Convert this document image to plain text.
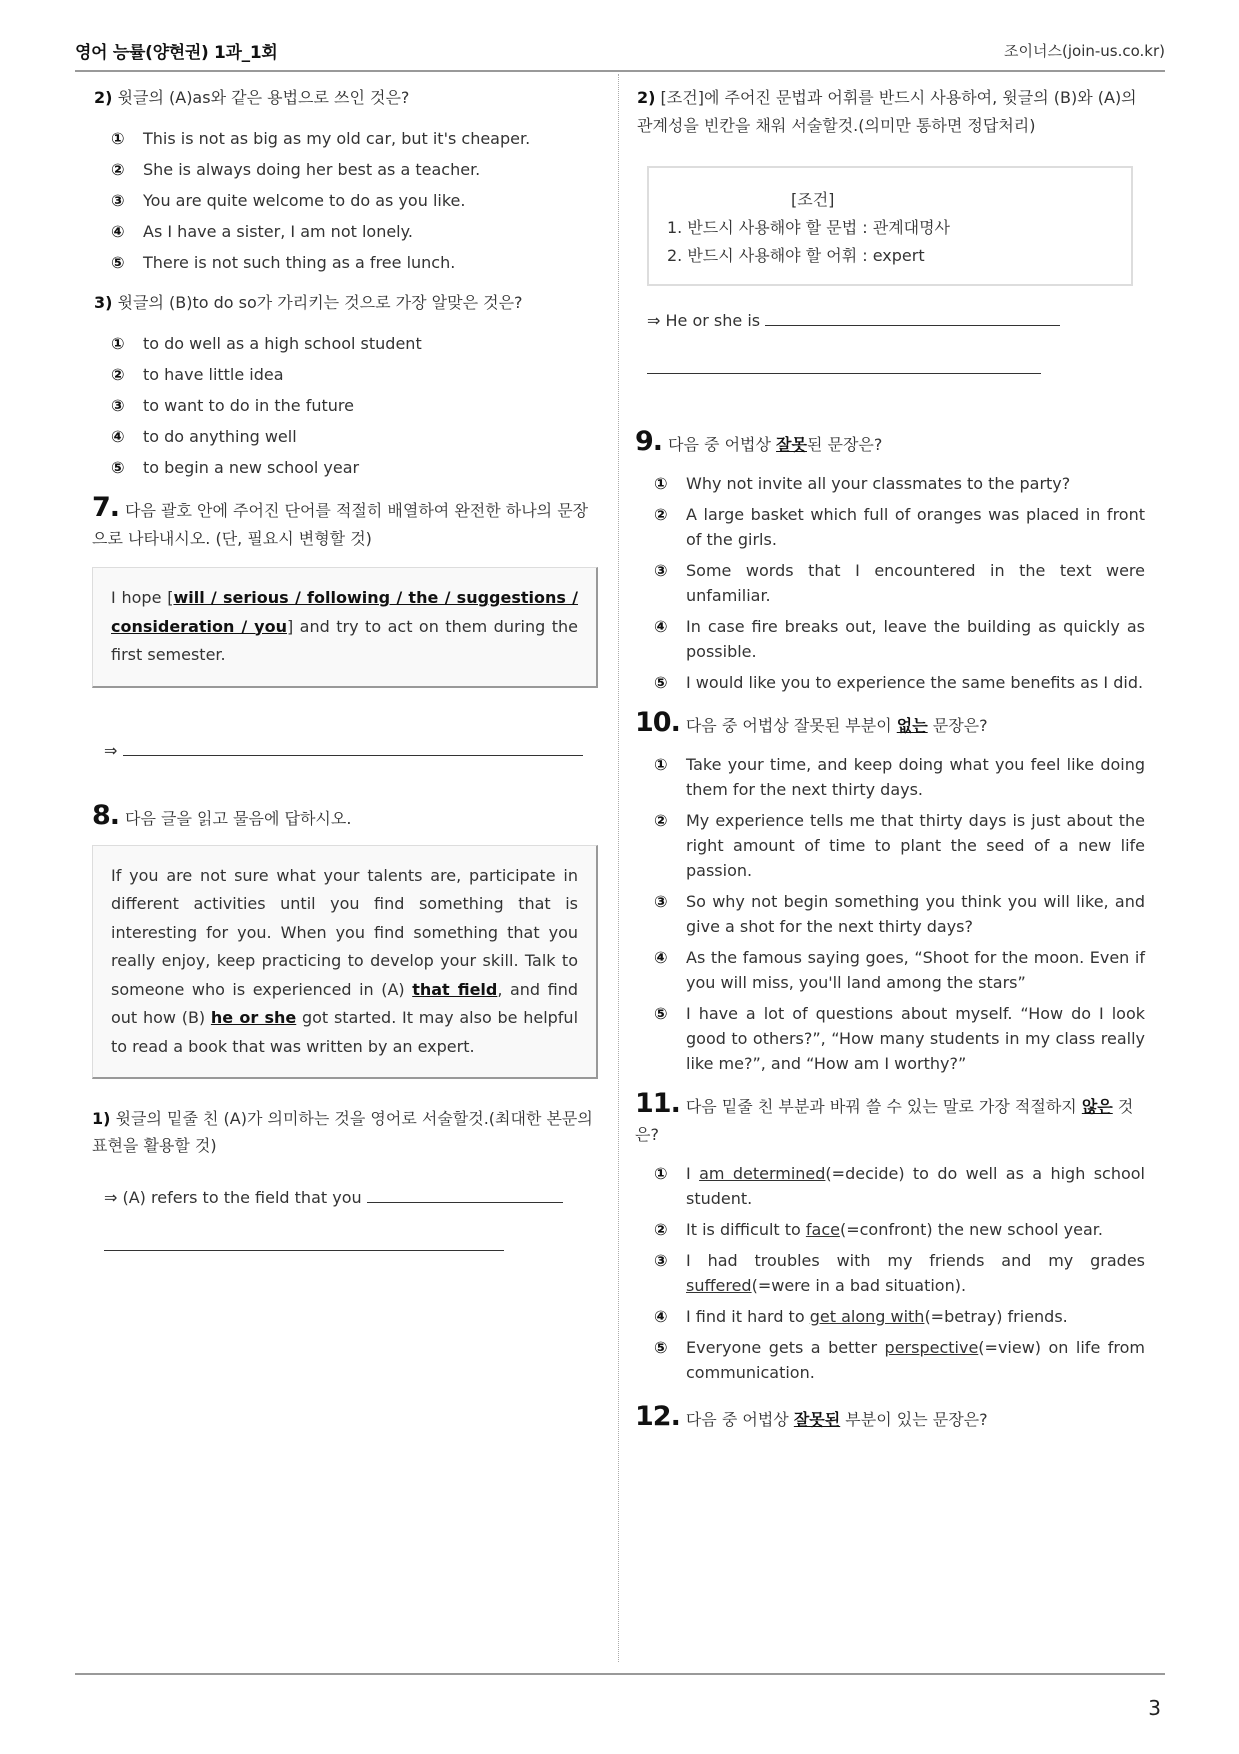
영어 능률(양현권) 1과_1회	조이너스(join-us.co.kr)
2) 윗글의 (A)as와 같은 용법으로 쓰인 것은?
①	This is not as big as my old car, but it's cheaper.
②	She is always doing her best as a teacher.
③	You are quite welcome to do as you like.
④	As I have a sister, I am not lonely.
⑤	There is not such thing as a free lunch.
3) 윗글의 (B)to do so가 가리키는 것으로 가장 알맞은 것은?
①	to do well as a high school student
②	to have little idea
③	to want to do in the future
④	to do anything well
⑤	to begin a new school year
7. 다음 괄호 안에 주어진 단어를 적절히 배열하여 완전한 하나의 문장으로 나타내시오. (단, 필요시 변형할 것)
I hope [will / serious / following / the / suggestions / consideration / you] and try to act on them during the first semester.
⇒
8. 다음 글을 읽고 물음에 답하시오.
If you are not sure what your talents are, participate in different activities until you find something that is interesting for you. When you find something that you really enjoy, keep practicing to develop your skill. Talk to someone who is experienced in (A) that field, and find out how (B) he or she got started. It may also be helpful to read a book that was written by an expert.
1) 윗글의 밑줄 친 (A)가 의미하는 것을 영어로 서술할것.(최대한 본문의 표현을 활용할 것)
⇒ (A) refers to the field that you
2) [조건]에 주어진 문법과 어휘를 반드시 사용하여, 윗글의 (B)와 (A)의 관계성을 빈칸을 채워 서술할것.(의미만 통하면 정답처리)
[조건]
1. 반드시 사용해야 할 문법 : 관계대명사
2. 반드시 사용해야 할 어휘 : expert
⇒ He or she is
9. 다음 중 어법상 잘못된 문장은?
①	Why not invite all your classmates to the party?
②	A large basket which full of oranges was placed in front of the girls.
③	Some words that I encountered in the text were unfamiliar.
④	In case fire breaks out, leave the building as quickly as possible.
⑤	I would like you to experience the same benefits as I did.
10. 다음 중 어법상 잘못된 부분이 없는 문장은?
①	Take your time, and keep doing what you feel like doing them for the next thirty days.
②	My experience tells me that thirty days is just about the right amount of time to plant the seed of a new life passion.
③	So why not begin something you think you will like, and give a shot for the next thirty days?
④	As the famous saying goes, “Shoot for the moon. Even if you will miss, you'll land among the stars”
⑤	I have a lot of questions about myself. “How do I look good to others?”, “How many students in my class really like me?”, and “How am I worthy?”
11. 다음 밑줄 친 부분과 바꿔 쓸 수 있는 말로 가장 적절하지 않은 것은?
①	I am determined(=decide) to do well as a high school student.
②	It is difficult to face(=confront) the new school year.
③	I had troubles with my friends and my grades suffered(=were in a bad situation).
④	I find it hard to get along with(=betray) friends.
⑤	Everyone gets a better perspective(=view) on life from communication.
12. 다음 중 어법상 잘못된 부분이 있는 문장은?
3
